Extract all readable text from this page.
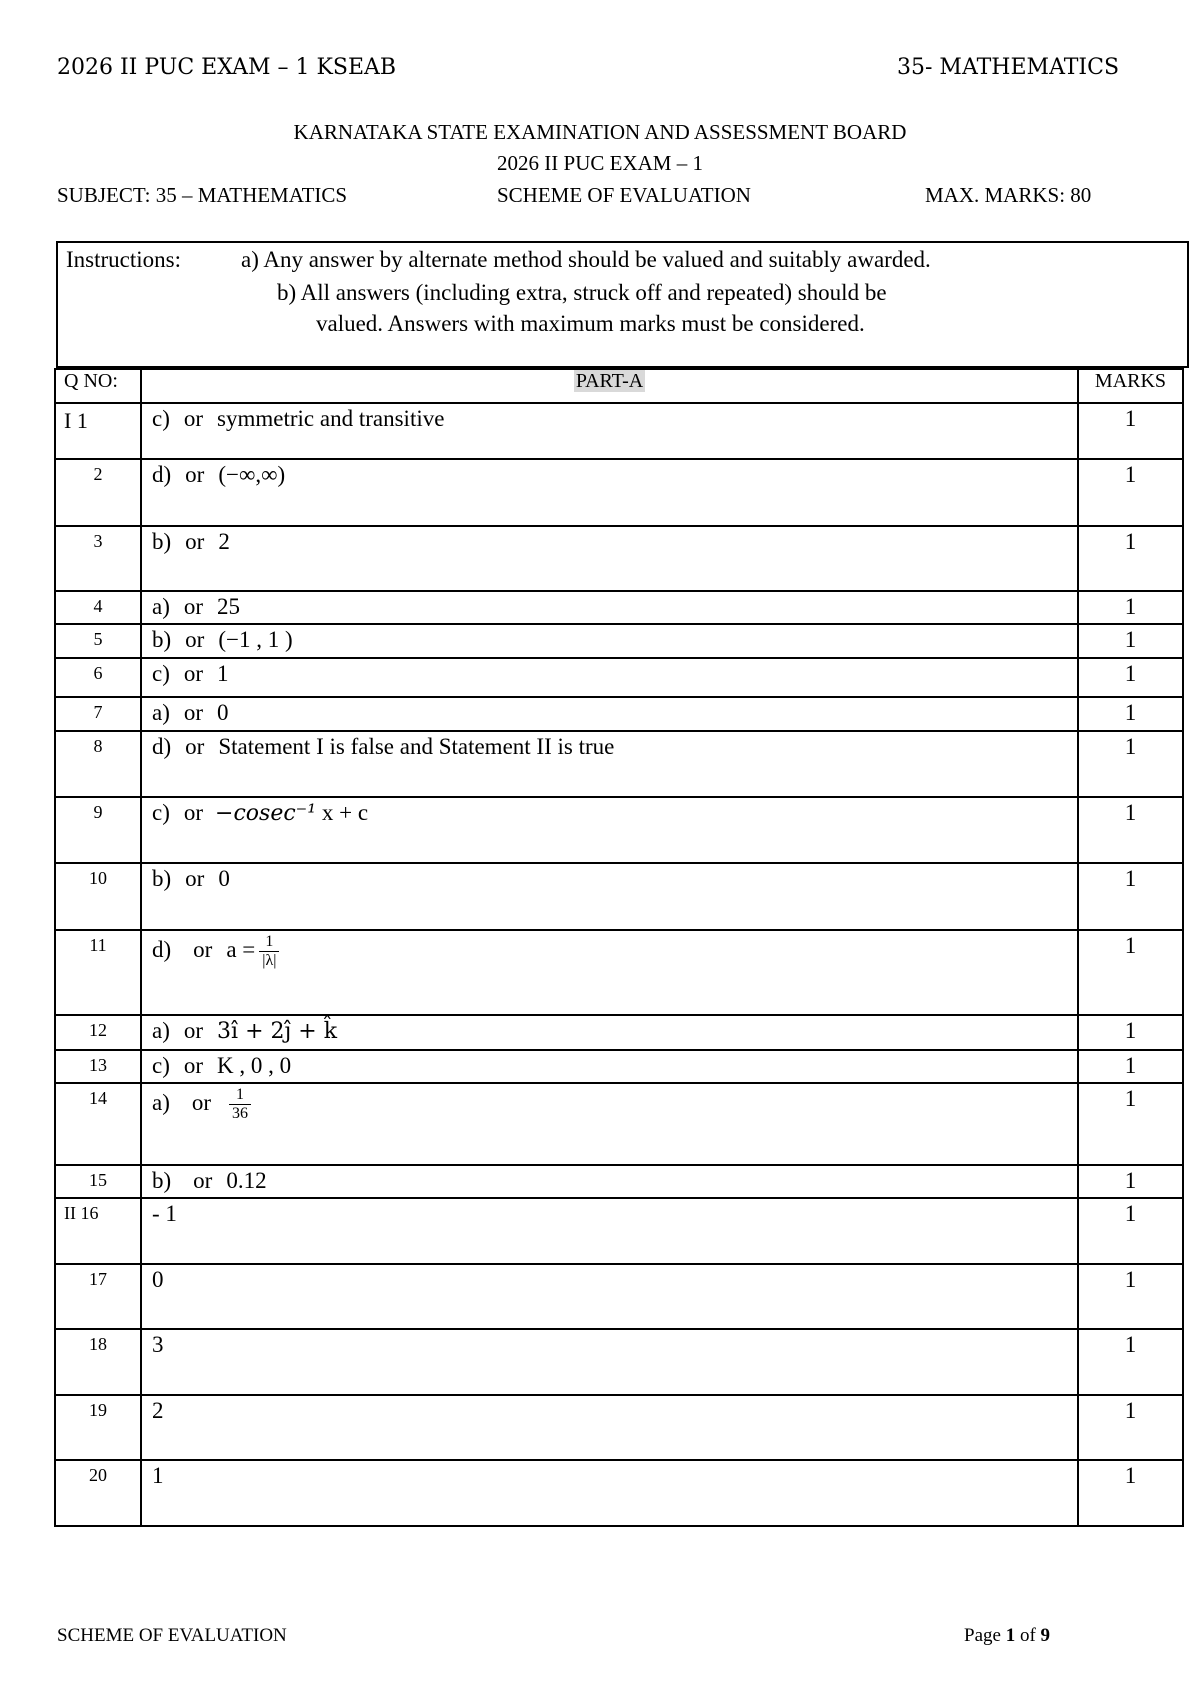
2026 II PUC EXAM – 1 KSEAB	35- MATHEMATICS
KARNATAKA STATE EXAMINATION AND ASSESSMENT BOARD
2026 II PUC EXAM – 1
SUBJECT: 35 – MATHEMATICS	SCHEME OF EVALUATION	MAX. MARKS: 80
Instructions:	a) Any answer by alternate method should be valued and suitably awarded.
b) All answers (including extra, struck off and repeated) should be
valued. Answers with maximum marks must be considered.
Q NO:	PART-A	MARKS
I 1	c) or symmetric and transitive	1
2	d) or (−∞,∞)	1
3	b) or 2	1
4	a) or 25	1
5	b) or (−1 , 1 )	1
6	c) or 1	1
7	a) or 0	1
8	d) or Statement I is false and Statement II is true	1
9	c) or −cosec⁻¹ x + c	1
10	b) or 0	1
11	d) or $a = \frac{1}{|\lambda|}$	1
12	a) or 3î + 2ĵ + k̂	1
13	c) or K , 0 , 0	1
14	a) or $\frac{1}{36}$	1
15	b) or 0.12	1
II 16	- 1	1
17	0	1
18	3	1
19	2	1
20	1	1
SCHEME OF EVALUATION	Page 1 of 9
